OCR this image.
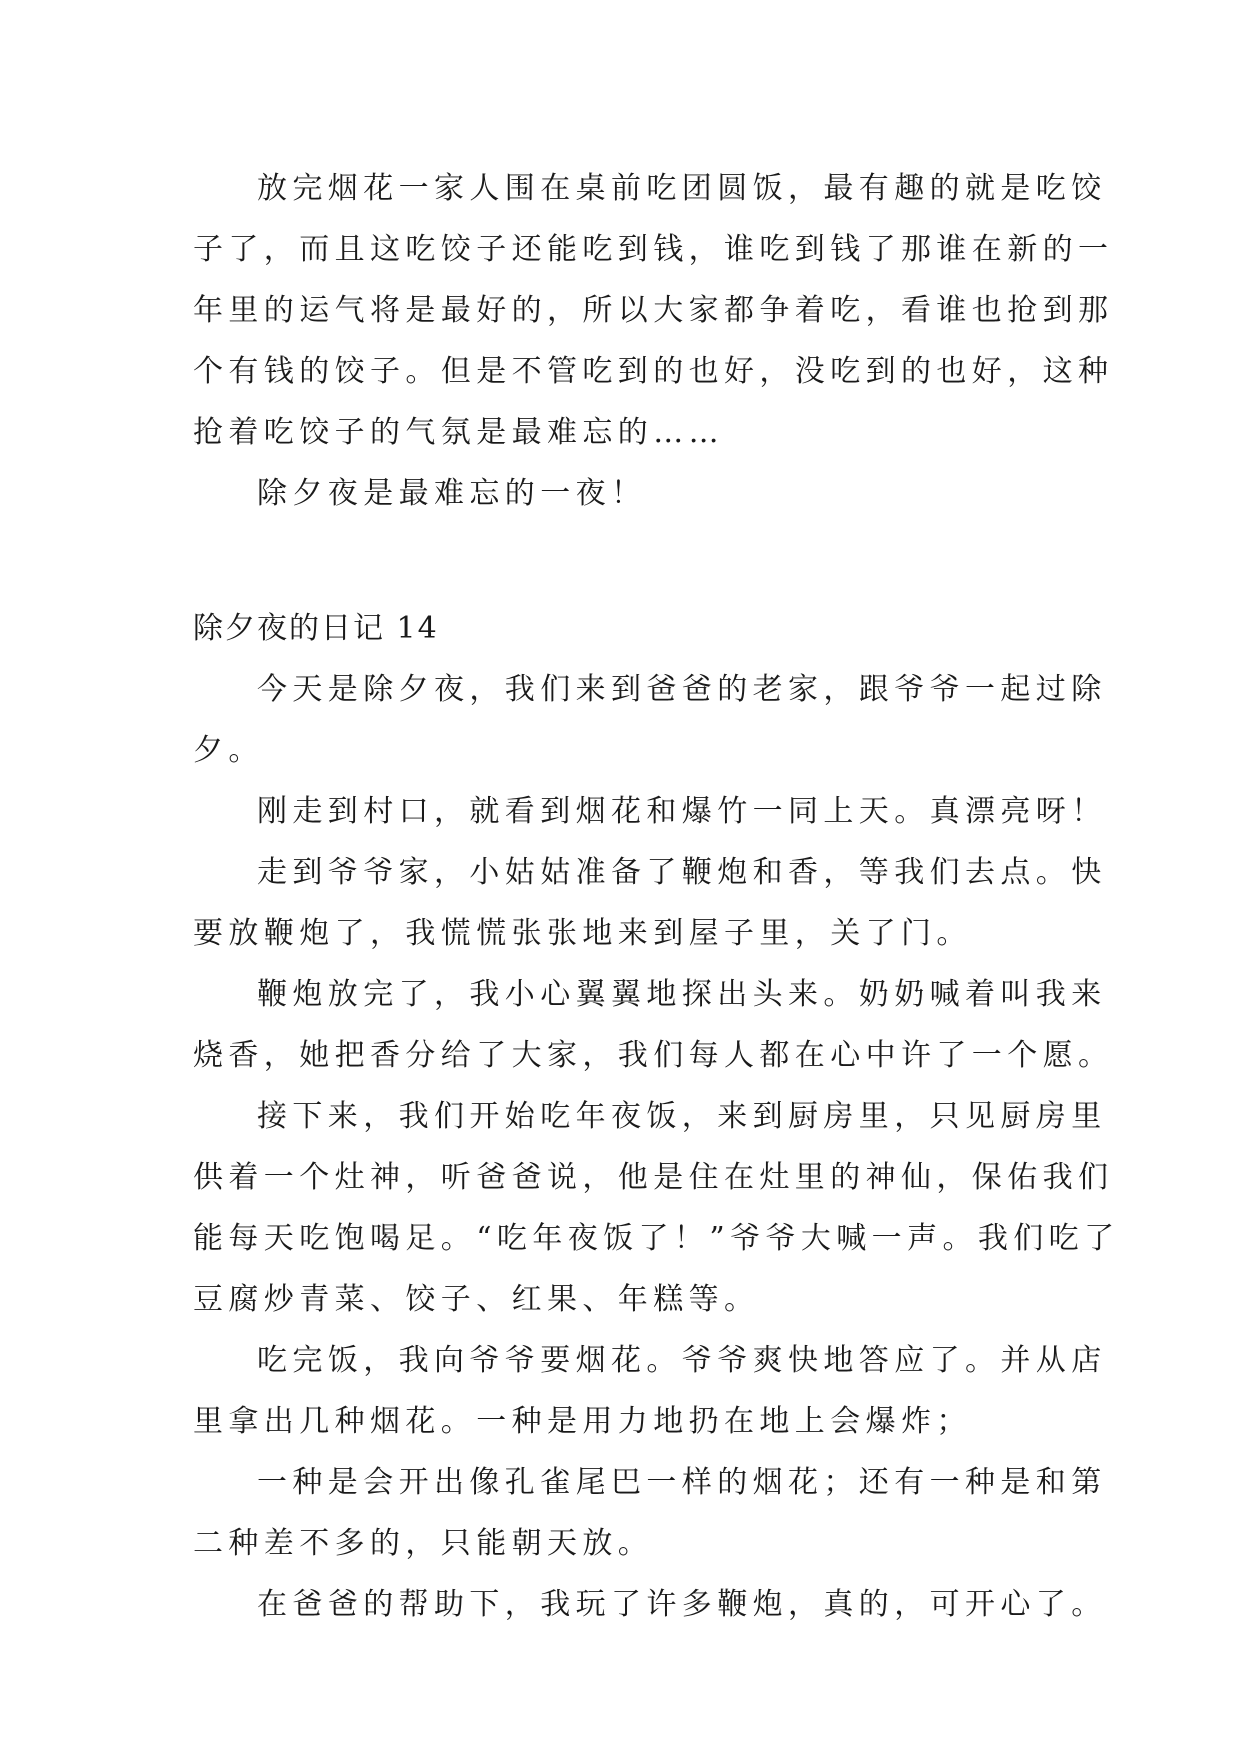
放完烟花一家人围在桌前吃团圆饭，最有趣的就是吃饺
子了，而且这吃饺子还能吃到钱，谁吃到钱了那谁在新的一
年里的运气将是最好的，所以大家都争着吃，看谁也抢到那
个有钱的饺子。但是不管吃到的也好，没吃到的也好，这种
抢着吃饺子的气氛是最难忘的……
除夕夜是最难忘的一夜！
除夕夜的日记 14
今天是除夕夜，我们来到爸爸的老家，跟爷爷一起过除
夕。
刚走到村口，就看到烟花和爆竹一同上天。真漂亮呀！
走到爷爷家，小姑姑准备了鞭炮和香，等我们去点。快
要放鞭炮了，我慌慌张张地来到屋子里，关了门。
鞭炮放完了，我小心翼翼地探出头来。奶奶喊着叫我来
烧香，她把香分给了大家，我们每人都在心中许了一个愿。
接下来，我们开始吃年夜饭，来到厨房里，只见厨房里
供着一个灶神，听爸爸说，他是住在灶里的神仙，保佑我们
能每天吃饱喝足。“吃年夜饭了！”爷爷大喊一声。我们吃了
豆腐炒青菜、饺子、红果、年糕等。
吃完饭，我向爷爷要烟花。爷爷爽快地答应了。并从店
里拿出几种烟花。一种是用力地扔在地上会爆炸；
一种是会开出像孔雀尾巴一样的烟花；还有一种是和第
二种差不多的，只能朝天放。
在爸爸的帮助下，我玩了许多鞭炮，真的，可开心了。
